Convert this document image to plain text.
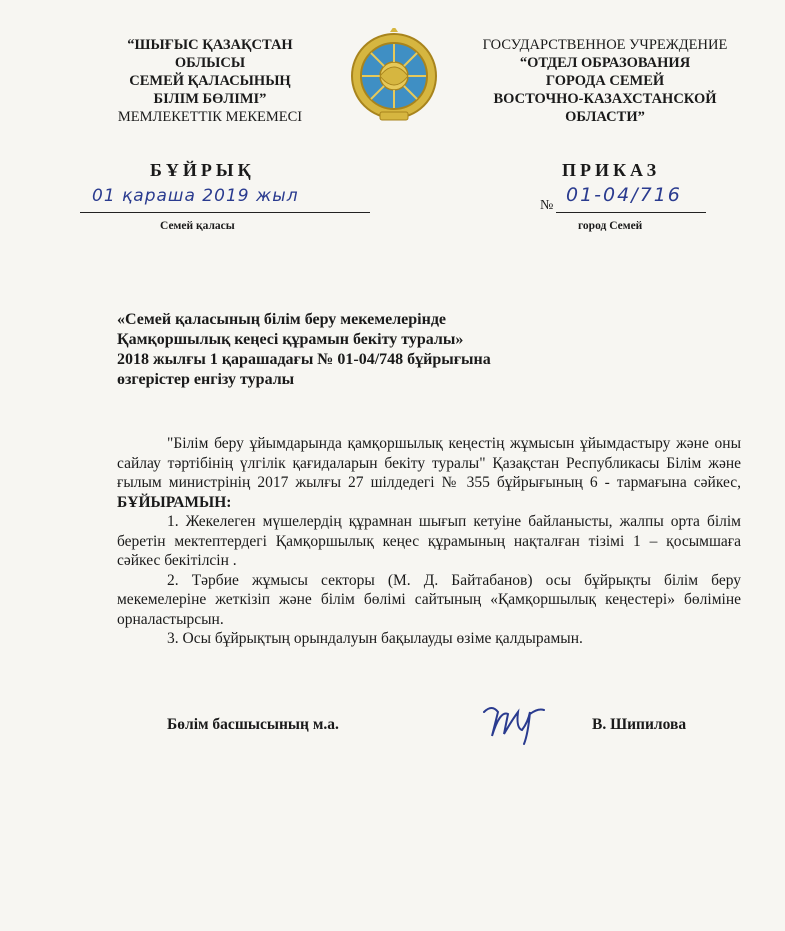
“ШЫҒЫС ҚАЗАҚСТАН
ОБЛЫСЫ
СЕМЕЙ ҚАЛАСЫНЫҢ
БІЛІМ БӨЛІМІ”
МЕМЛЕКЕТТІК МЕКЕМЕСІ
ГОСУДАРСТВЕННОЕ УЧРЕЖДЕНИЕ
“ОТДЕЛ ОБРАЗОВАНИЯ
ГОРОДА СЕМЕЙ
ВОСТОЧНО-КАЗАХСТАНСКОЙ
ОБЛАСТИ”
БҰЙРЫҚ	ПРИКАЗ
01 қараша 2019 жыл
Семей қаласы
№ 01-04/716
город Семей
«Семей қаласының білім беру мекемелерінде
Қамқоршылық кеңесі құрамын бекіту туралы»
2018 жылғы 1 қарашадағы № 01-04/748 бұйрығына
өзгерістер енгізу туралы

"Білім беру ұйымдарында қамқоршылық кеңестің жұмысын ұйымдастыру және оны сайлау тәртібінің үлгілік қағидаларын бекіту туралы" Қазақстан Республикасы Білім және ғылым министрінің 2017 жылғы 27 шілдедегі № 355 бұйрығының 6 - тармағына сәйкес, БҰЙЫРАМЫН:

1. Жекелеген мүшелердің құрамнан шығып кетуіне байланысты, жалпы орта білім беретін мектептердегі Қамқоршылық кеңес құрамының нақталған тізімі 1 – қосымшаға сәйкес бекітілсін .

2. Тәрбие жұмысы секторы (М. Д. Байтабанов) осы бұйрықты білім беру мекемелеріне жеткізіп және білім бөлімі сайтының «Қамқоршылық кеңестері» бөліміне орналастырсын.

3. Осы бұйрықтың орындалуын бақылауды өзіме қалдырамын.

Бөлім басшысының м.а.	В. Шипилова
